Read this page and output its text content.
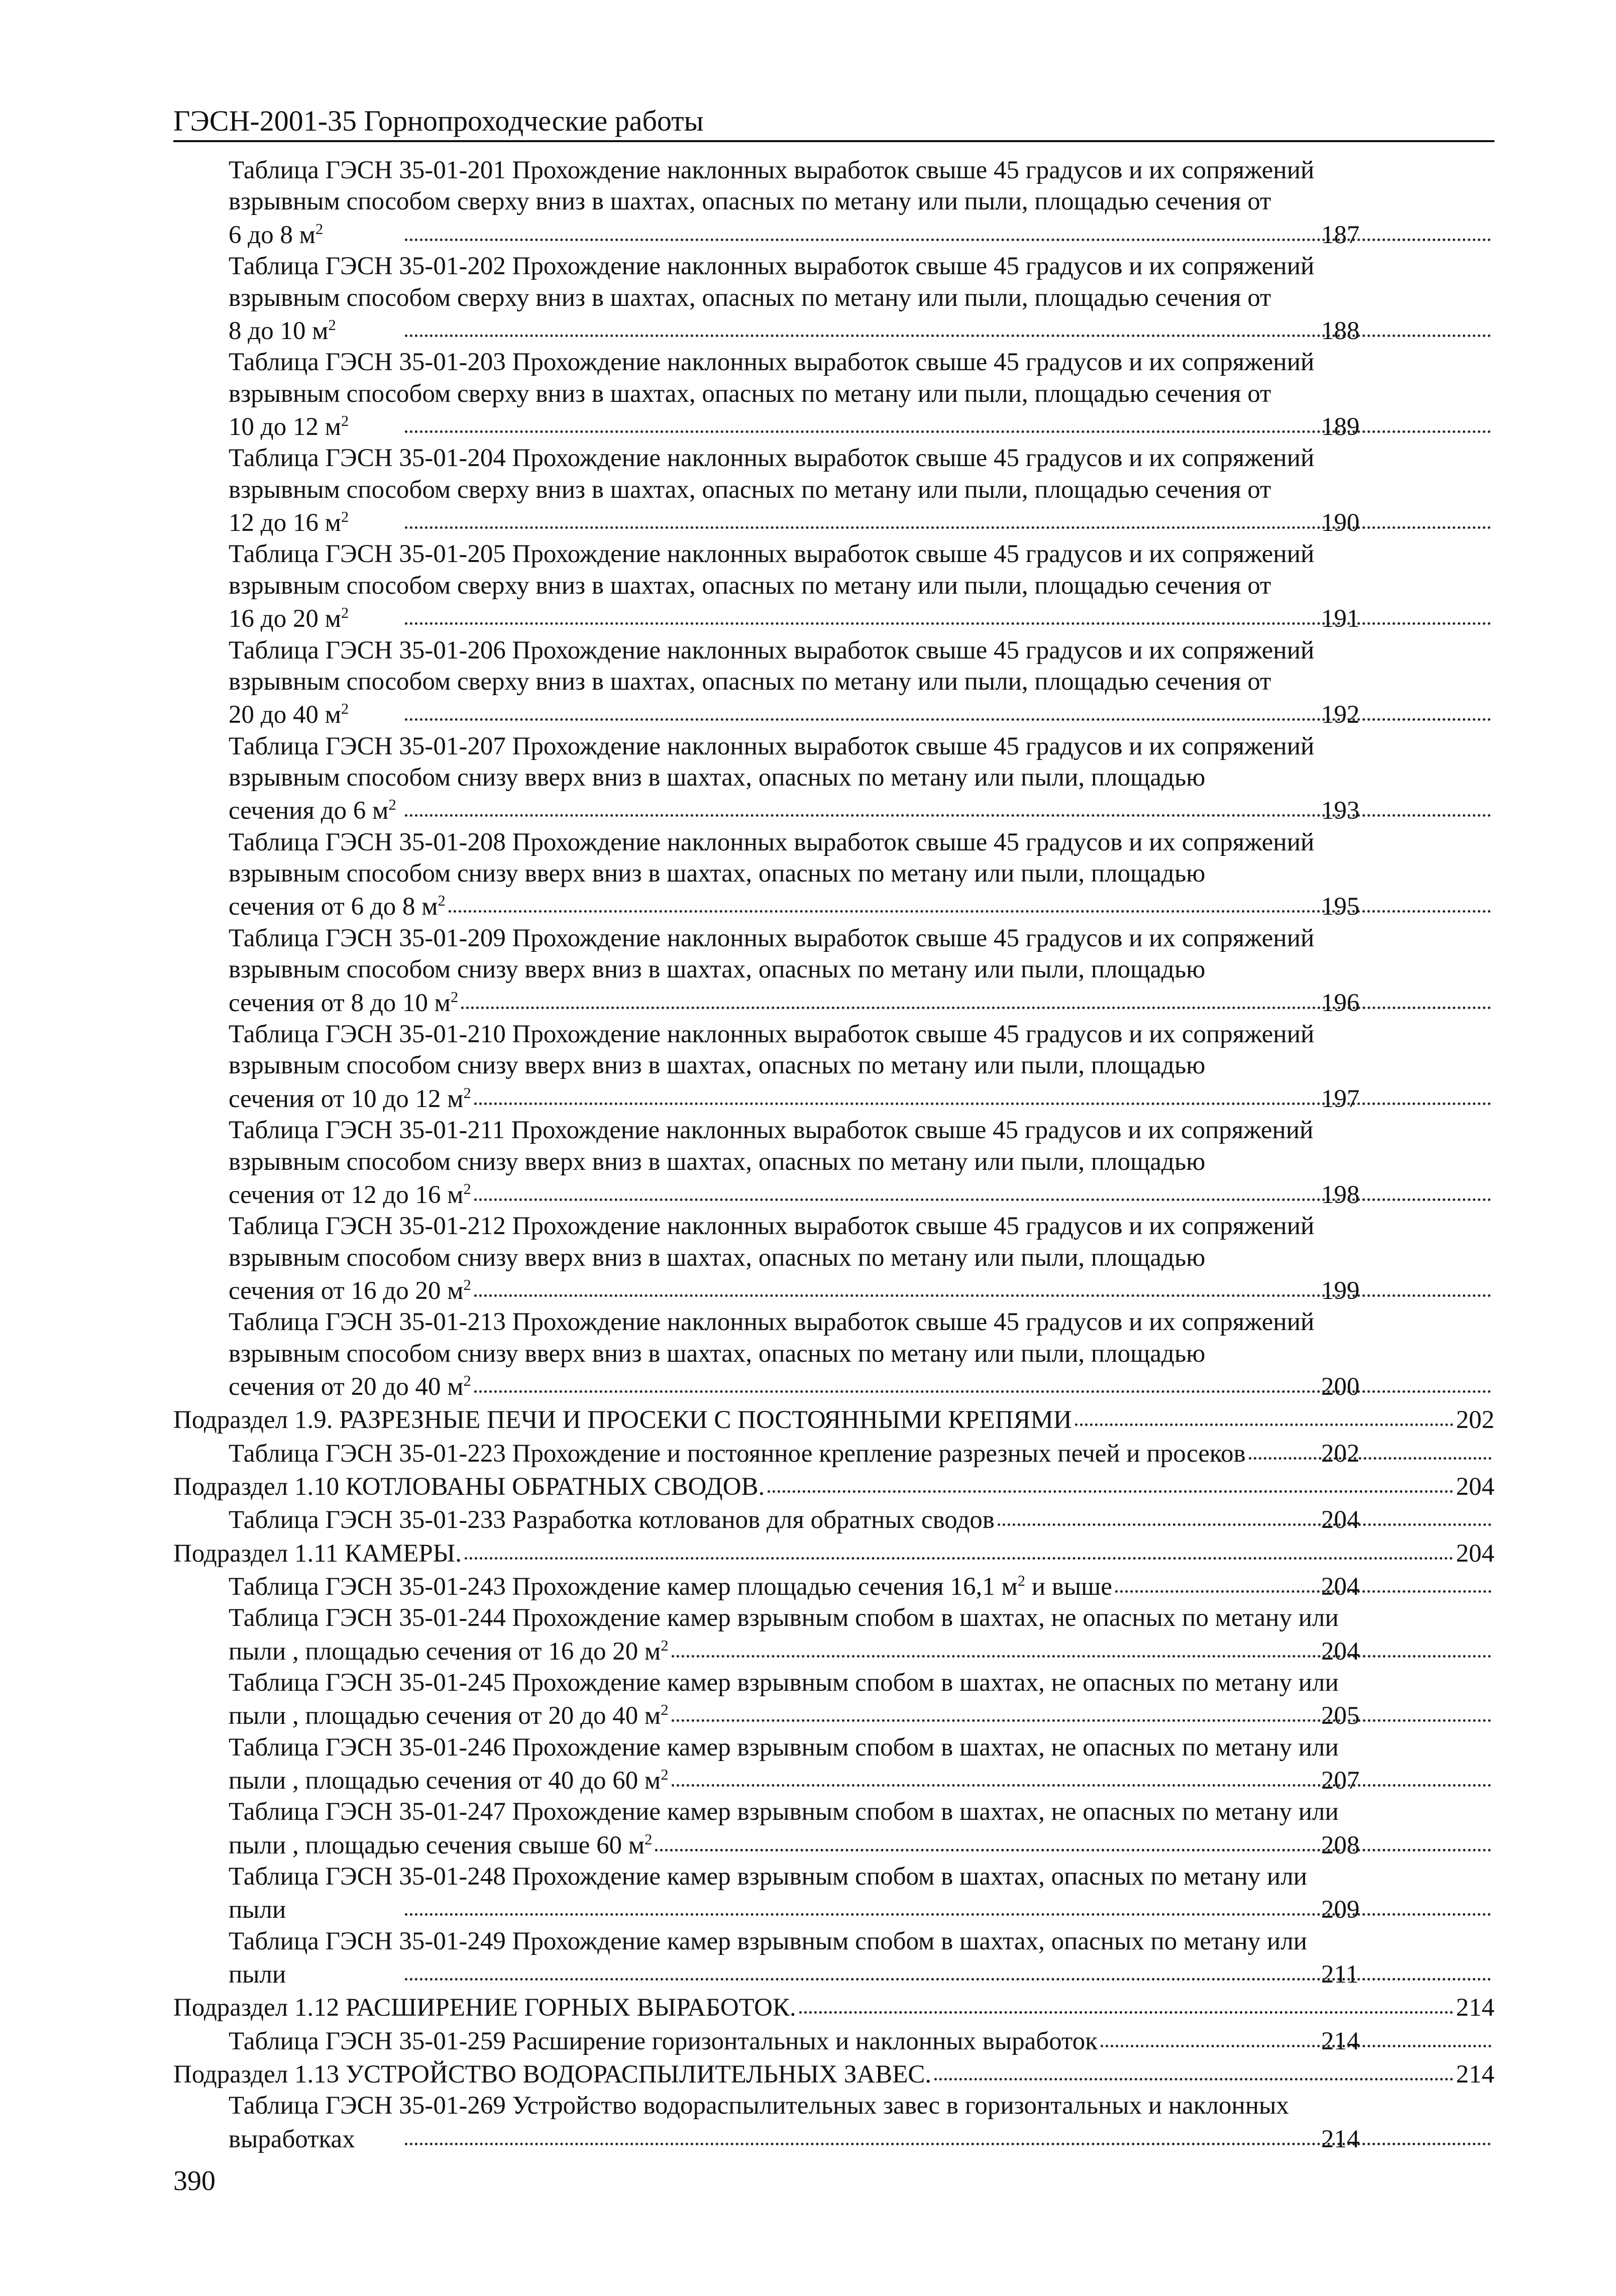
ГЭСН-2001-35 Горнопроходческие работы
Таблица ГЭСН 35-01-201 Прохождение наклонных выработок свыше 45 градусов и их сопряжений
взрывным способом сверху вниз в шахтах, опасных по метану или пыли, площадью сечения от
6 до 8 $м^2$	187
Таблица ГЭСН 35-01-202 Прохождение наклонных выработок свыше 45 градусов и их сопряжений
взрывным способом сверху вниз в шахтах, опасных по метану или пыли, площадью сечения от
8 до 10 $м^2$	188
Таблица ГЭСН 35-01-203 Прохождение наклонных выработок свыше 45 градусов и их сопряжений
взрывным способом сверху вниз в шахтах, опасных по метану или пыли, площадью сечения от
10 до 12 $м^2$	189
Таблица ГЭСН 35-01-204 Прохождение наклонных выработок свыше 45 градусов и их сопряжений
взрывным способом сверху вниз в шахтах, опасных по метану или пыли, площадью сечения от
12 до 16 $м^2$	190
Таблица ГЭСН 35-01-205 Прохождение наклонных выработок свыше 45 градусов и их сопряжений
взрывным способом сверху вниз в шахтах, опасных по метану или пыли, площадью сечения от
16 до 20 $м^2$	191
Таблица ГЭСН 35-01-206 Прохождение наклонных выработок свыше 45 градусов и их сопряжений
взрывным способом сверху вниз в шахтах, опасных по метану или пыли, площадью сечения от
20 до 40 $м^2$	192
Таблица ГЭСН 35-01-207 Прохождение наклонных выработок свыше 45 градусов и их сопряжений
взрывным способом снизу вверх вниз в шахтах, опасных по метану или пыли, площадью
сечения до 6 $м^2$	193
Таблица ГЭСН 35-01-208 Прохождение наклонных выработок свыше 45 градусов и их сопряжений
взрывным способом снизу вверх вниз в шахтах, опасных по метану или пыли, площадью
сечения от 6 до 8 $м^2$	195
Таблица ГЭСН 35-01-209 Прохождение наклонных выработок свыше 45 градусов и их сопряжений
взрывным способом снизу вверх вниз в шахтах, опасных по метану или пыли, площадью
сечения от 8 до 10 $м^2$	196
Таблица ГЭСН 35-01-210 Прохождение наклонных выработок свыше 45 градусов и их сопряжений
взрывным способом снизу вверх вниз в шахтах, опасных по метану или пыли, площадью
сечения от 10 до 12 $м^2$	197
Таблица ГЭСН 35-01-211 Прохождение наклонных выработок свыше 45 градусов и их сопряжений
взрывным способом снизу вверх вниз в шахтах, опасных по метану или пыли, площадью
сечения от 12 до 16 $м^2$	198
Таблица ГЭСН 35-01-212 Прохождение наклонных выработок свыше 45 градусов и их сопряжений
взрывным способом снизу вверх вниз в шахтах, опасных по метану или пыли, площадью
сечения от 16 до 20 $м^2$	199
Таблица ГЭСН 35-01-213 Прохождение наклонных выработок свыше 45 градусов и их сопряжений
взрывным способом снизу вверх вниз в шахтах, опасных по метану или пыли, площадью
сечения от 20 до 40 $м^2$	200
Подраздел 1.9. РАЗРЕЗНЫЕ ПЕЧИ И ПРОСЕКИ С ПОСТОЯННЫМИ КРЕПЯМИ	202
Таблица ГЭСН 35-01-223 Прохождение и постоянное крепление разрезных печей и просеков	202
Подраздел 1.10 КОТЛОВАНЫ ОБРАТНЫХ СВОДОВ.	204
Таблица ГЭСН 35-01-233 Разработка котлованов для обратных сводов	204
Подраздел 1.11 КАМЕРЫ.	204
Таблица ГЭСН 35-01-243 Прохождение камер площадью сечения 16,1 $м^2$ и выше	204
Таблица ГЭСН 35-01-244 Прохождение камер взрывным спобом в шахтах, не опасных по метану или
пыли , площадью сечения от 16 до 20 $м^2$	204
Таблица ГЭСН 35-01-245 Прохождение камер взрывным спобом в шахтах, не опасных по метану или
пыли , площадью сечения от 20 до 40 $м^2$	205
Таблица ГЭСН 35-01-246 Прохождение камер взрывным спобом в шахтах, не опасных по метану или
пыли , площадью сечения от 40 до 60 $м^2$	207
Таблица ГЭСН 35-01-247 Прохождение камер взрывным спобом в шахтах, не опасных по метану или
пыли , площадью сечения свыше 60 $м^2$	208
Таблица ГЭСН 35-01-248 Прохождение камер взрывным спобом в шахтах, опасных по метану или
пыли	209
Таблица ГЭСН 35-01-249 Прохождение камер взрывным спобом в шахтах, опасных по метану или
пыли	211
Подраздел 1.12 РАСШИРЕНИЕ ГОРНЫХ ВЫРАБОТОК.	214
Таблица ГЭСН 35-01-259 Расширение горизонтальных и наклонных выработок	214
Подраздел 1.13 УСТРОЙСТВО ВОДОРАСПЫЛИТЕЛЬНЫХ ЗАВЕС.	214
Таблица ГЭСН 35-01-269 Устройство водораспылительных завес в горизонтальных и наклонных
выработках	214
390
